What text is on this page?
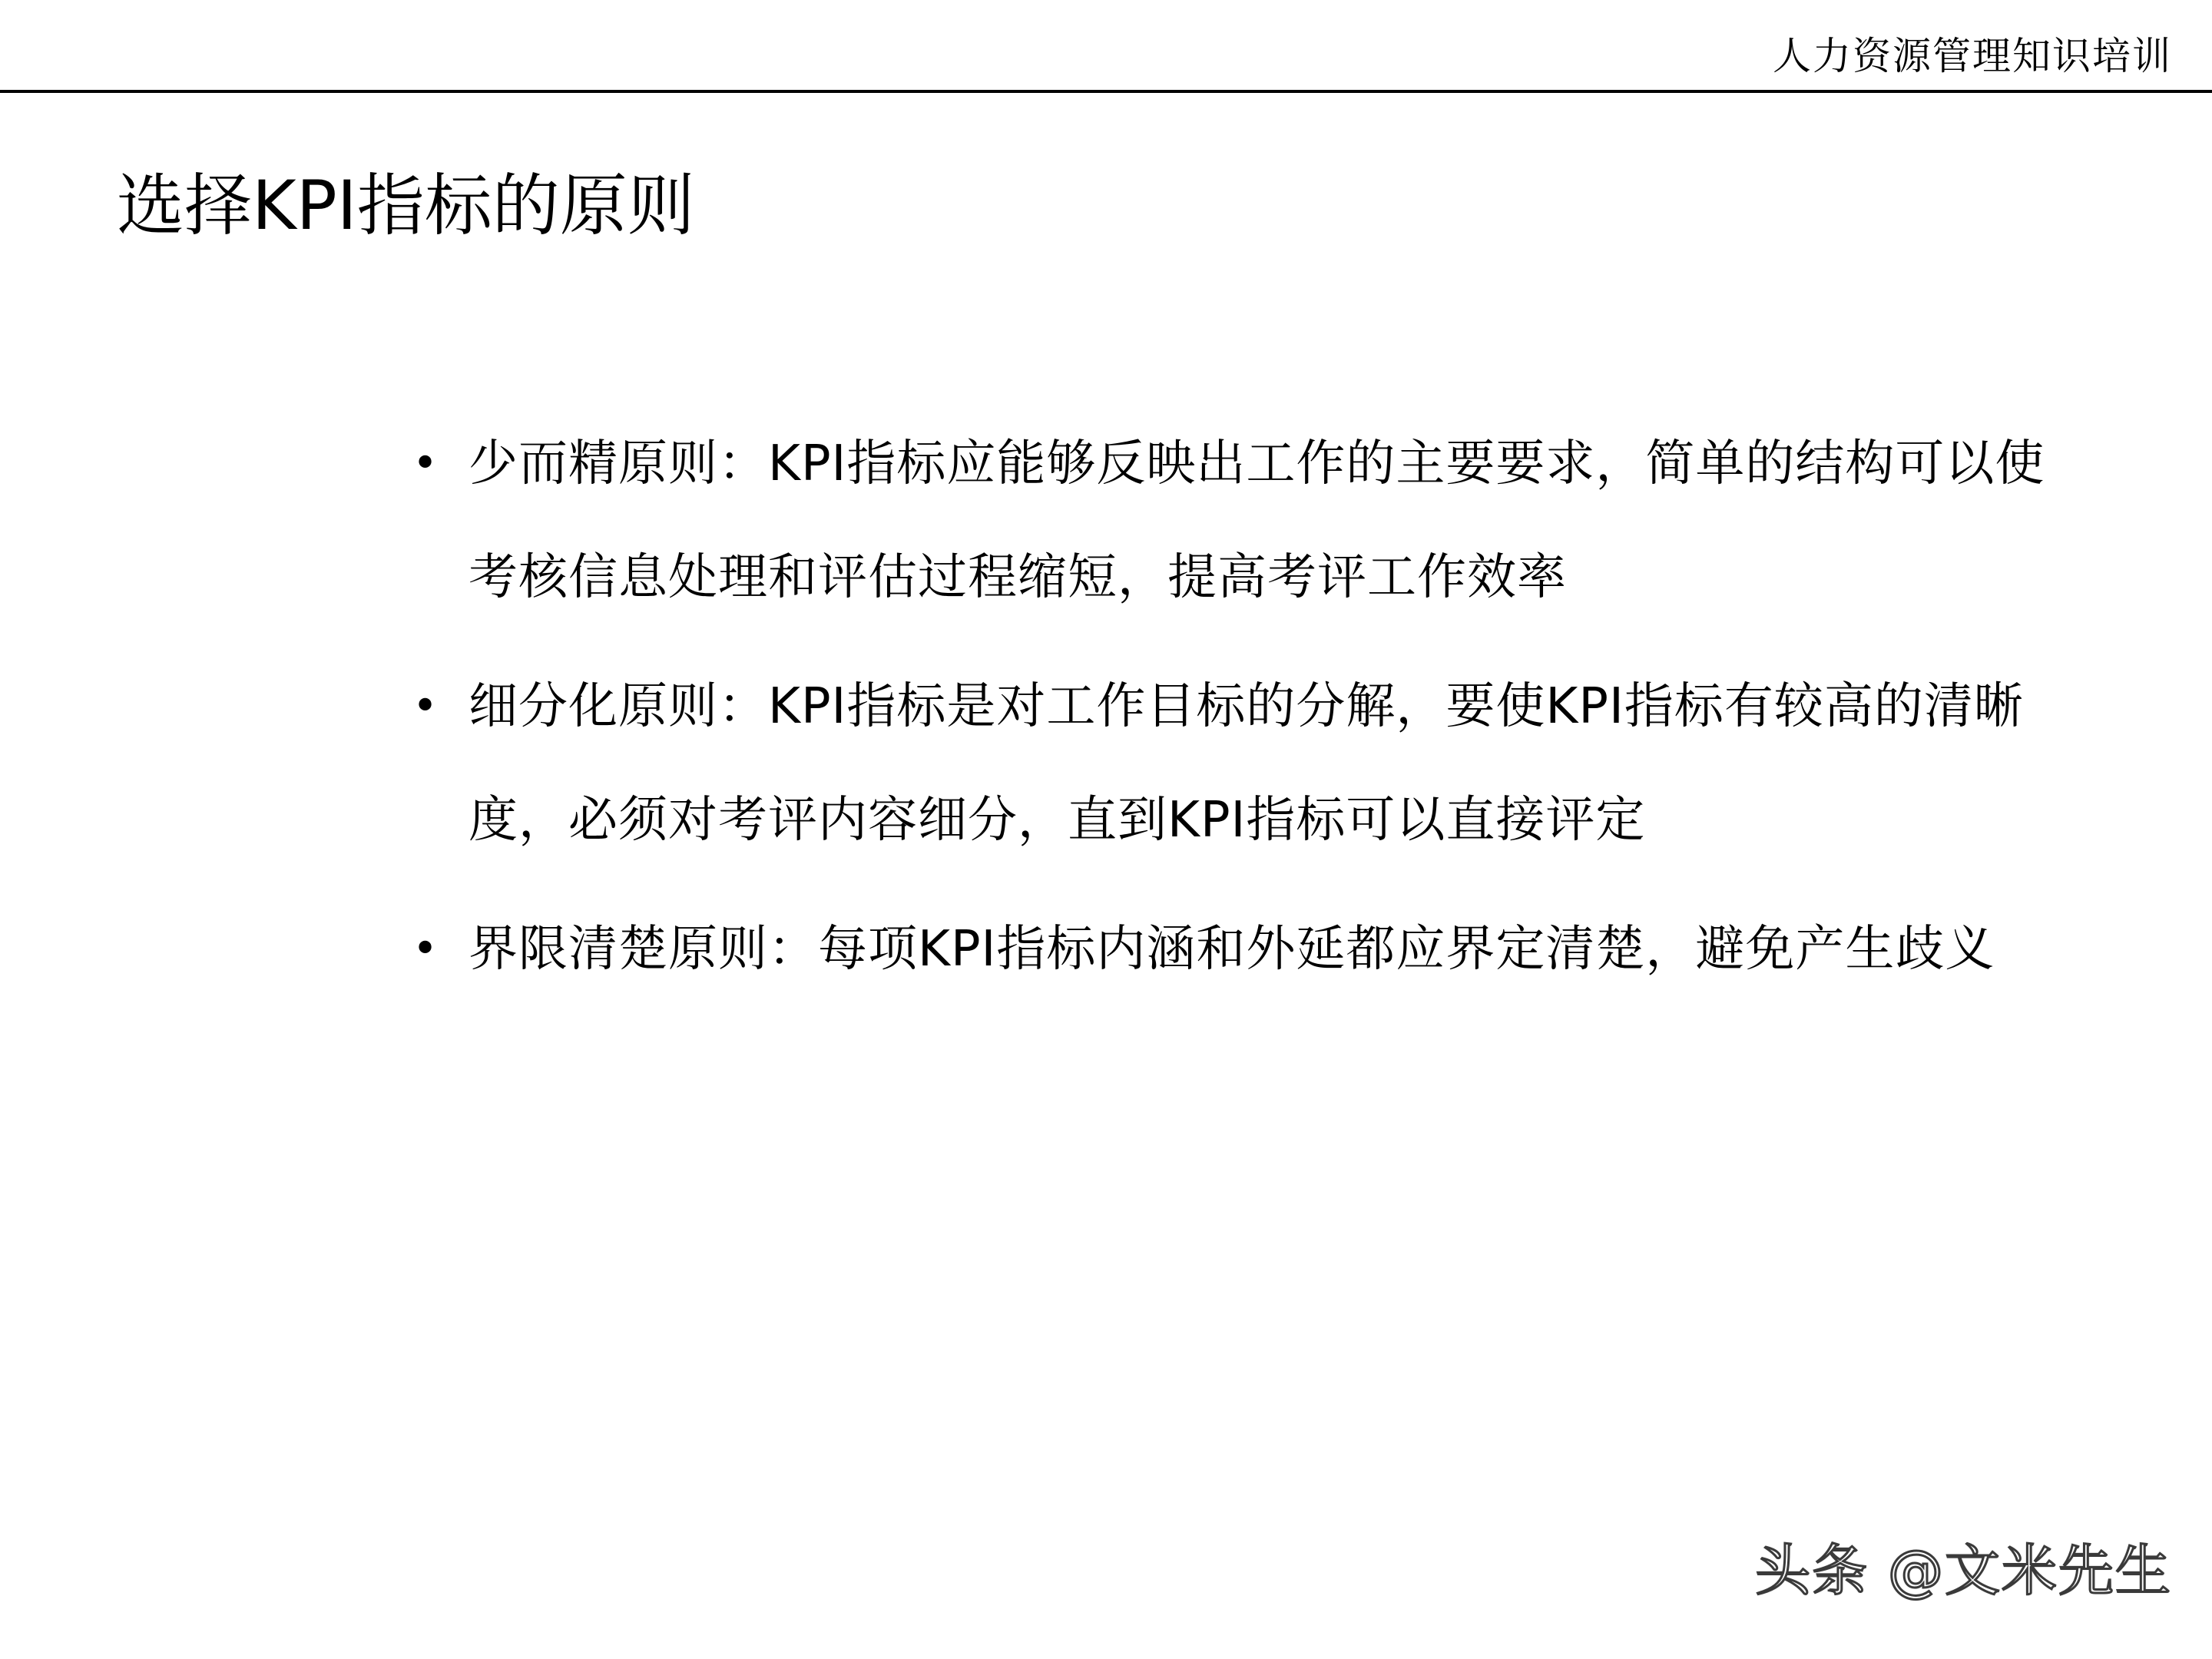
人力资源管理知识培训
选择KPI指标的原则
• 少而精原则：KPI指标应能够反映出工作的主要要求，简单的结构可以使考核信息处理和评估过程缩短，提高考评工作效率
• 细分化原则：KPI指标是对工作目标的分解，要使KPI指标有较高的清晰度，必须对考评内容细分，直到KPI指标可以直接评定
• 界限清楚原则：每项KPI指标内涵和外延都应界定清楚，避免产生歧义
头条 @文米先生
